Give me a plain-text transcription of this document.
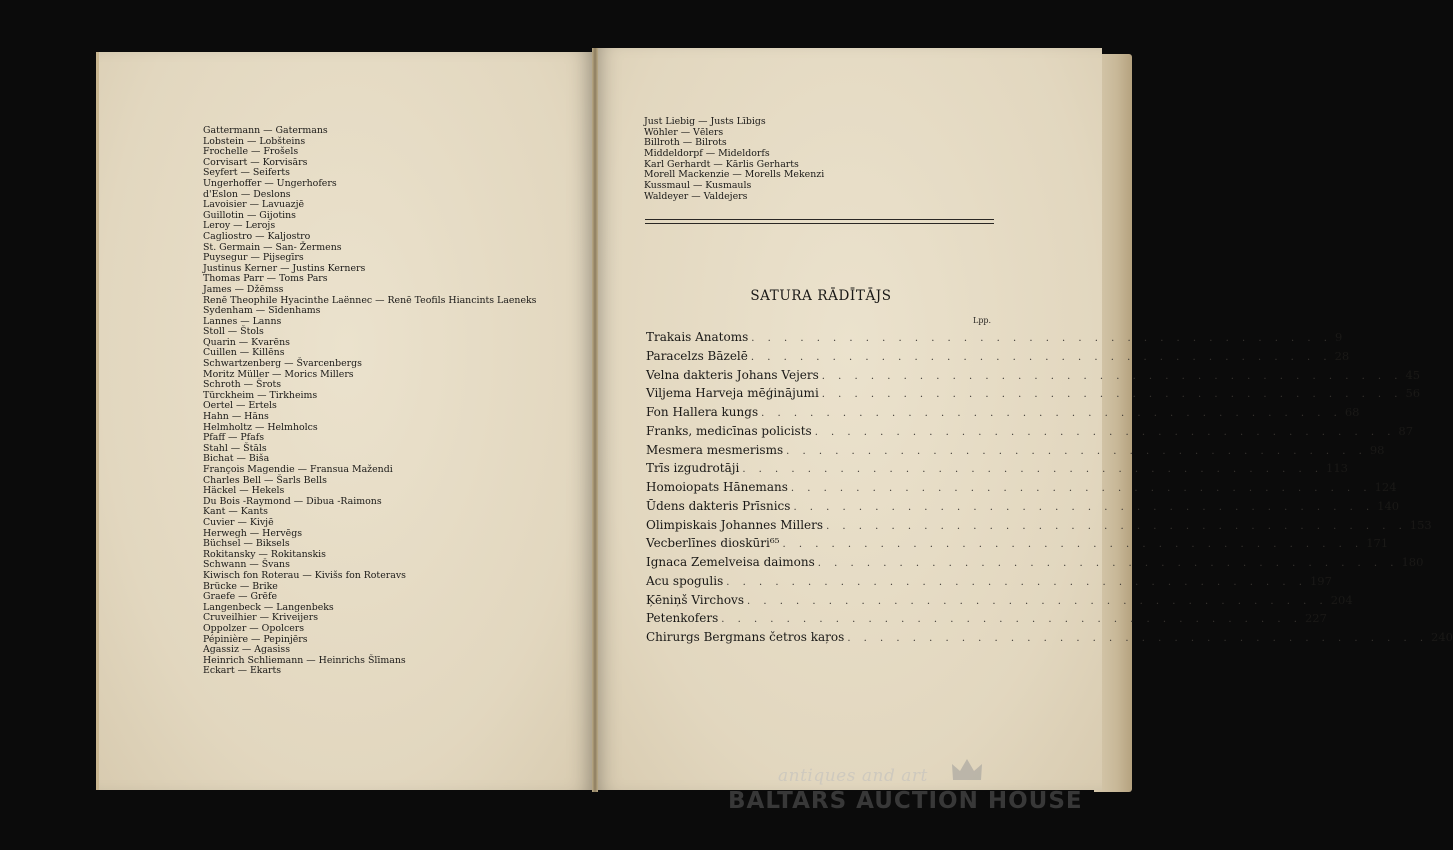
Gattermann — Gatermans
Lobstein — Lobšteins
Frochelle — Frošels
Corvisart — Korvisārs
Seyfert — Seiferts
Ungerhoffer — Ungerhofers
d'Eslon — Deslons
Lavoisier — Lavuazjē
Guillotin — Gijotins
Leroy — Lerojs
Cagliostro — Kaljostro
St. Germain — San- Žermens
Puysegur — Pijsegīrs
Justinus Kerner — Justins Kerners
Thomas Parr — Toms Pars
James — Džēmss
Renē Theophile Hyacinthe Laënnec — Renē Teofils Hiancints Laeneks
Sydenham — Sīdenhams
Lannes — Lanns
Stoll — Štols
Quarin — Kvarēns
Cuillen — Killēns
Schwartzenberg — Švarcenbergs
Moritz Müller — Morics Millers
Schroth — Šrots
Türckheim — Tirkheims
Oertel — Ertels
Hahn — Hāns
Helmholtz — Helmholcs
Pfaff — Pfafs
Stahl — Štāls
Bichat — Biša
François Magendie — Fransua Mažendi
Charles Bell — Šarls Bells
Häckel — Hekels
Du Bois -Raymond — Dibua -Raimons
Kant — Kants
Cuvier — Kivjē
Herwegh — Hervēgs
Büchsel — Biksels
Rokitansky — Rokitanskis
Schwann — Švans
Kiwisch fon Roterau — Kivišs fon Roteravs
Brücke — Brike
Graefe — Grēfe
Langenbeck — Langenbeks
Cruveilhier — Kriveijers
Oppolzer — Opolcers
Pépinière — Pepinjērs
Agassiz — Agasiss
Heinrich Schliemann — Heinrichs Šlīmans
Eckart — Ekarts
Just Liebig — Justs Lībigs
Wöhler — Vēlers
Billroth — Bilrots
Middeldorpf — Mideldorfs
Karl Gerhardt — Kārlis Gerharts
Morell Mackenzie — Morells Mekenzi
Kussmaul — Kusmauls
Waldeyer — Valdejers
SATURA RĀDĪTĀJS
Lpp.
Trakais Anatoms . . . . . . . . . . . . . . . . . . . . . . . . . . . . . . . . . . . . 9
Paracelzs Bāzelē . . . . . . . . . . . . . . . . . . . . . . . . . . . . . . . . . . . . 28
Velna dakteris Johans Vejers . . . . . . . . . . . . . . . . . . . . . . . . . . . . . . . . . . . . 45
Viljema Harveja mēģinājumi . . . . . . . . . . . . . . . . . . . . . . . . . . . . . . . . . . . . 56
Fon Hallera kungs . . . . . . . . . . . . . . . . . . . . . . . . . . . . . . . . . . . . 68
Franks, medicīnas policists . . . . . . . . . . . . . . . . . . . . . . . . . . . . . . . . . . . . 87
Mesmera mesmerisms . . . . . . . . . . . . . . . . . . . . . . . . . . . . . . . . . . . . 98
Trīs izgudrotāji . . . . . . . . . . . . . . . . . . . . . . . . . . . . . . . . . . . . 113
Homoiopats Hānemans . . . . . . . . . . . . . . . . . . . . . . . . . . . . . . . . . . . . 124
Ūdens dakteris Prīsnics . . . . . . . . . . . . . . . . . . . . . . . . . . . . . . . . . . . . 140
Olimpiskais Johannes Millers . . . . . . . . . . . . . . . . . . . . . . . . . . . . . . . . . . . . 153
Vecberlīnes dioskūri⁶⁵ . . . . . . . . . . . . . . . . . . . . . . . . . . . . . . . . . . . . 171
Ignaca Zemelveisa daimons . . . . . . . . . . . . . . . . . . . . . . . . . . . . . . . . . . . . 180
Acu spogulis . . . . . . . . . . . . . . . . . . . . . . . . . . . . . . . . . . . . 197
Ķēniņš Virchovs . . . . . . . . . . . . . . . . . . . . . . . . . . . . . . . . . . . . 204
Petenkofers . . . . . . . . . . . . . . . . . . . . . . . . . . . . . . . . . . . . 227
Chirurgs Bergmans četros kaŗos . . . . . . . . . . . . . . . . . . . . . . . . . . . . . . . . . . . . 240
antiques and art
BALTARS AUCTION HOUSE
